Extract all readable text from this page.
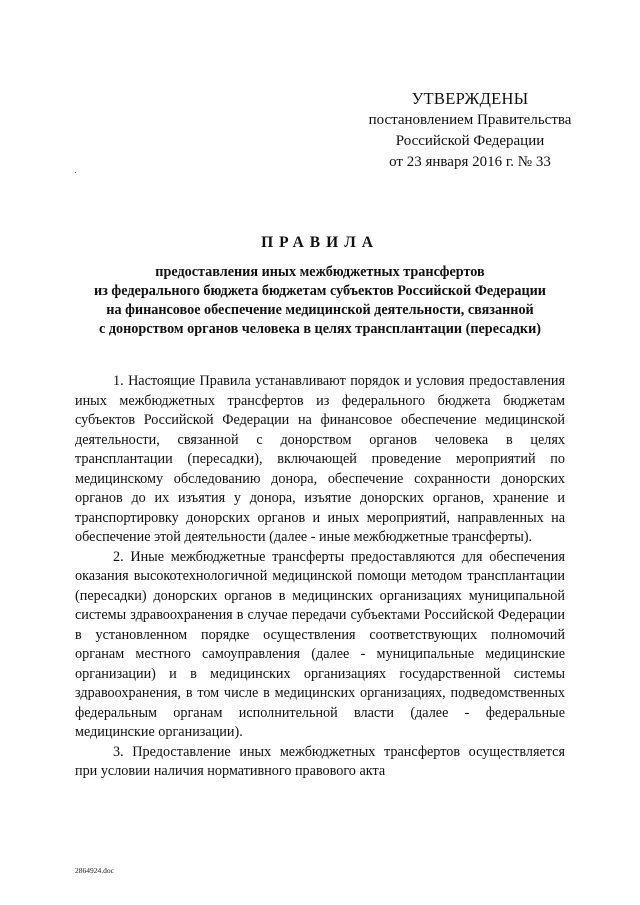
УТВЕРЖДЕНЫ
постановлением Правительства
Российской Федерации
от 23 января 2016 г. № 33
ПРАВИЛА
предоставления иных межбюджетных трансфертов
из федерального бюджета бюджетам субъектов Российской Федерации
на финансовое обеспечение медицинской деятельности, связанной
с донорством органов человека в целях трансплантации (пересадки)

1. Настоящие Правила устанавливают порядок и условия предоставления иных межбюджетных трансфертов из федерального бюджета бюджетам субъектов Российской Федерации на финансовое обеспечение медицинской деятельности, связанной с донорством органов человека в целях трансплантации (пересадки), включающей проведение мероприятий по медицинскому обследованию донора, обеспечение сохранности донорских органов до их изъятия у донора, изъятие донорских органов, хранение и транспортировку донорских органов и иных мероприятий, направленных на обеспечение этой деятельности (далее - иные межбюджетные трансферты).

2. Иные межбюджетные трансферты предоставляются для обеспечения оказания высокотехнологичной медицинской помощи методом трансплантации (пересадки) донорских органов в медицинских организациях муниципальной системы здравоохранения в случае передачи субъектами Российской Федерации в установленном порядке осуществления соответствующих полномочий органам местного самоуправления (далее - муниципальные медицинские организации) и в медицинских организациях государственной системы здравоохранения, в том числе в медицинских организациях, подведомственных федеральным органам исполнительной власти (далее - федеральные медицинские организации).

3. Предоставление иных межбюджетных трансфертов осуществляется при условии наличия нормативного правового акта

2864924.doc
